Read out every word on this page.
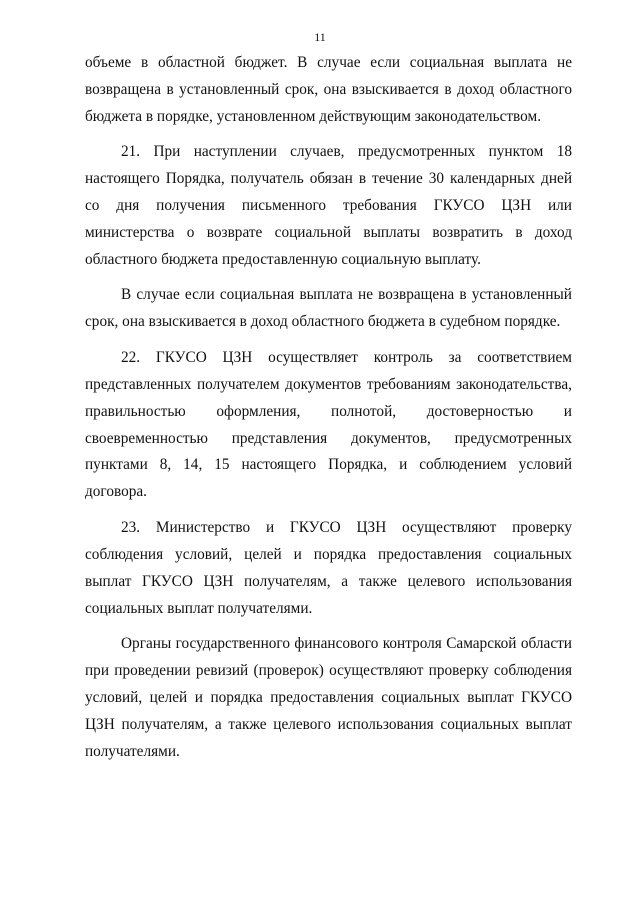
11

объеме в областной бюджет. В случае если социальная выплата не возвращена в установленный срок, она взыскивается в доход областного бюджета в порядке, установленном действующим законодательством.

21. При наступлении случаев, предусмотренных пунктом 18 настоящего Порядка, получатель обязан в течение 30 календарных дней со дня получения письменного требования ГКУСО ЦЗН или министерства о возврате социальной выплаты возвратить в доход областного бюджета предоставленную социальную выплату.

В случае если социальная выплата не возвращена в установленный срок, она взыскивается в доход областного бюджета в судебном порядке.

22. ГКУСО ЦЗН осуществляет контроль за соответствием представленных получателем документов требованиям законодательства, правильностью оформления, полнотой, достоверностью и своевременностью представления документов, предусмотренных пунктами 8, 14, 15 настоящего Порядка, и соблюдением условий договора.

23. Министерство и ГКУСО ЦЗН осуществляют проверку соблюдения условий, целей и порядка предоставления социальных выплат ГКУСО ЦЗН получателям, а также целевого использования социальных выплат получателями.

Органы государственного финансового контроля Самарской области при проведении ревизий (проверок) осуществляют проверку соблюдения условий, целей и порядка предоставления социальных выплат ГКУСО ЦЗН получателям, а также целевого использования социальных выплат получателями.
